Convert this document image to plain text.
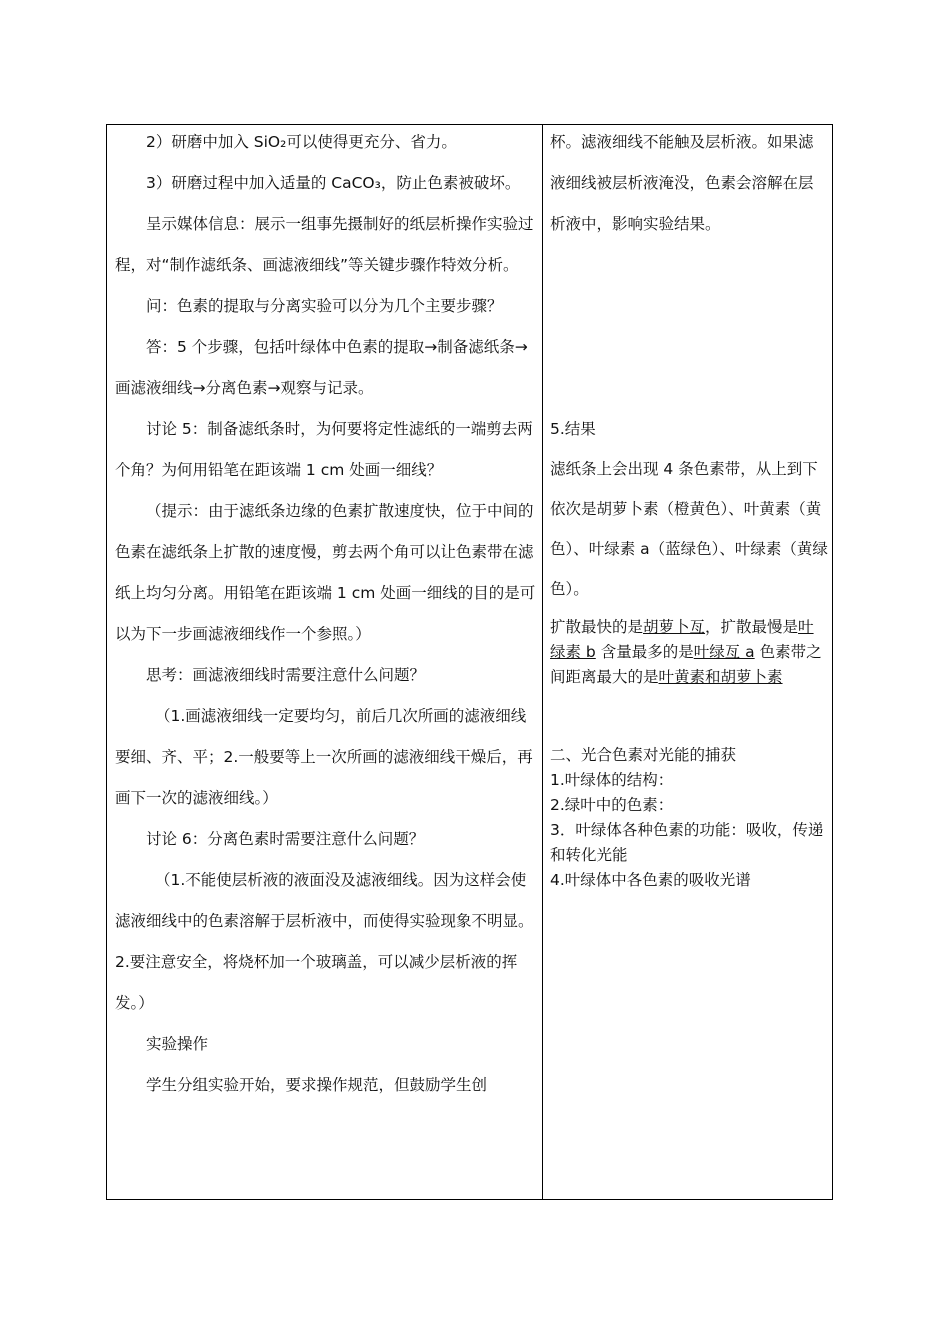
2）研磨中加入 SiO₂可以使得更充分、省力。

3）研磨过程中加入适量的 CaCO₃，防止色素被破坏。

呈示媒体信息：展示一组事先摄制好的纸层析操作实验过程，对“制作滤纸条、画滤液细线”等关键步骤作特效分析。

问：色素的提取与分离实验可以分为几个主要步骤？

答：5 个步骤，包括叶绿体中色素的提取→制备滤纸条→画滤液细线→分离色素→观察与记录。

讨论 5：制备滤纸条时，为何要将定性滤纸的一端剪去两个角？为何用铅笔在距该端 1 cm 处画一细线？

（提示：由于滤纸条边缘的色素扩散速度快，位于中间的色素在滤纸条上扩散的速度慢，剪去两个角可以让色素带在滤纸上均匀分离。用铅笔在距该端 1 cm 处画一细线的目的是可以为下一步画滤液细线作一个参照。）

思考：画滤液细线时需要注意什么问题？

（1.画滤液细线一定要均匀，前后几次所画的滤液细线要细、齐、平；2.一般要等上一次所画的滤液细线干燥后，再画下一次的滤液细线。）

讨论 6：分离色素时需要注意什么问题？

（1.不能使层析液的液面没及滤液细线。因为这样会使滤液细线中的色素溶解于层析液中，而使得实验现象不明显。2.要注意安全，将烧杯加一个玻璃盖，可以减少层析液的挥发。）

实验操作

学生分组实验开始，要求操作规范，但鼓励学生创

杯。滤液细线不能触及层析液。如果滤液细线被层析液淹没，色素会溶解在层析液中，影响实验结果。

5.结果

滤纸条上会出现 4 条色素带，从上到下依次是胡萝卜素（橙黄色）、叶黄素（黄色）、叶绿素 a（蓝绿色）、叶绿素（黄绿色）。

扩散最快的是胡萝卜亙，扩散最慢是叶绿素 b 含量最多的是叶绿亙 a 色素带之间距离最大的是叶黄素和胡萝卜素

二、光合色素对光能的捕获

1.叶绿体的结构：

2.绿叶中的色素：

3．叶绿体各种色素的功能：吸收，传递和转化光能

4.叶绿体中各色素的吸收光谱
